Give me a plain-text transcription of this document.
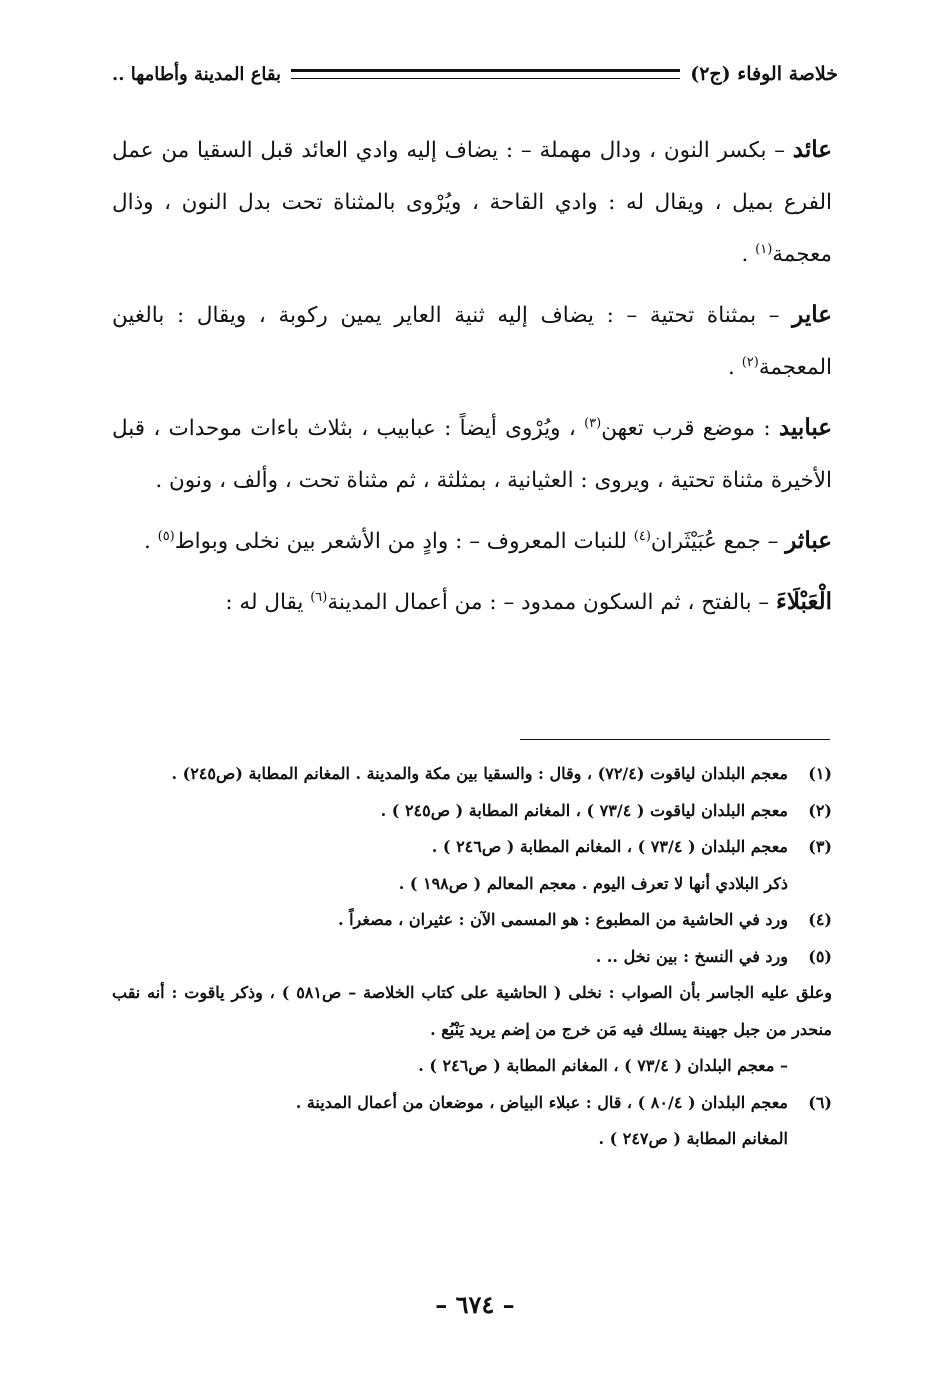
خلاصة الوفاء (ج٢)
بقاع المدينة وأطامها ..

عائد – بكسر النون ، ودال مهملة – : يضاف إليه وادي العائد قبل السقيا من عمل الفرع بميل ، ويقال له : وادي القاحة ، ويُرْوى بالمثناة تحت بدل النون ، وذال معجمة$^{(١)}$ .

عاير – بمثناة تحتية – : يضاف إليه ثنية العاير يمين ركوبة ، ويقال : بالغين المعجمة$^{(٢)}$ .

عبابيد : موضع قرب تعهن$^{(٣)}$ ، ويُرْوى أيضاً : عبابيب ، بثلاث باءات موحدات ، قبل الأخيرة مثناة تحتية ، ويروى : العثيانية ، بمثلثة ، ثم مثناة تحت ، وألف ، ونون .

عباثر – جمع عُبَيْثَران$^{(٤)}$ للنبات المعروف – : وادٍ من الأشعر بين نخلى وبواط$^{(٥)}$ .

الْعَبْلَاءَ – بالفتح ، ثم السكون ممدود – : من أعمال المدينة$^{(٦)}$ يقال له :

(١)
معجم البلدان لياقوت (٧٢/٤) ، وقال : والسقيا بين مكة والمدينة . المغانم المطابة (ص٢٤٥) .
(٢)
معجم البلدان لياقوت ( ٧٣/٤ ) ، المغانم المطابة ( ص٢٤٥ ) .
(٣)
معجم البلدان ( ٧٣/٤ ) ، المغانم المطابة ( ص٢٤٦ ) .
ذكر البلادي أنها لا تعرف اليوم . معجم المعالم ( ص١٩٨ ) .
(٤)
ورد في الحاشية من المطبوع : هو المسمى الآن : عثيران ، مصغراً .
(٥)
ورد في النسخ : بين نخل .. .
وعلق عليه الجاسر بأن الصواب : نخلى ( الحاشية على كتاب الخلاصة – ص٥٨١ ) ، وذكر ياقوت : أنه نقب منحدر من جبل جهينة يسلك فيه مَن خرج من إضم يريد يَنْبُع .
– معجم البلدان ( ٧٣/٤ ) ، المغانم المطابة ( ص٢٤٦ ) .
(٦)
معجم البلدان ( ٨٠/٤ ) ، قال : عبلاء البياض ، موضعان من أعمال المدينة .
المغانم المطابة ( ص٢٤٧ ) .
– ٦٧٤ –
